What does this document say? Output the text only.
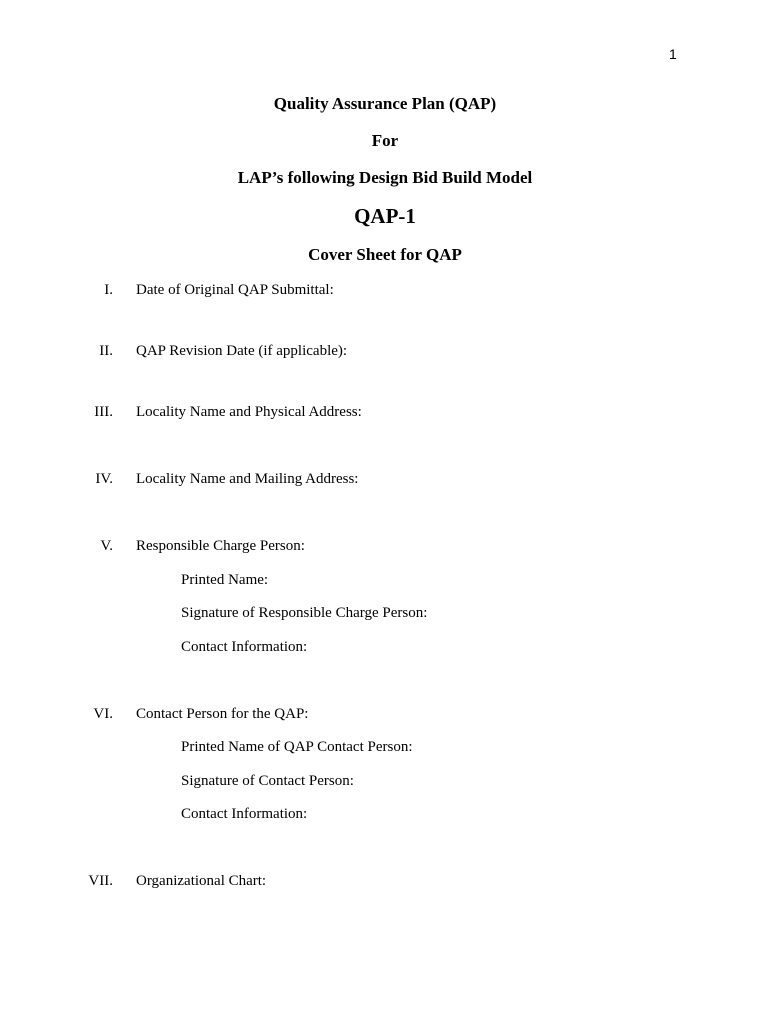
1
Quality Assurance Plan (QAP)
For
LAP’s following Design Bid Build Model
QAP-1
Cover Sheet for QAP
I. Date of Original QAP Submittal:
II. QAP Revision Date (if applicable):
III. Locality Name and Physical Address:
IV. Locality Name and Mailing Address:
V. Responsible Charge Person:
Printed Name:
Signature of Responsible Charge Person:
Contact Information:
VI. Contact Person for the QAP:
Printed Name of QAP Contact Person:
Signature of Contact Person:
Contact Information:
VII. Organizational Chart:
